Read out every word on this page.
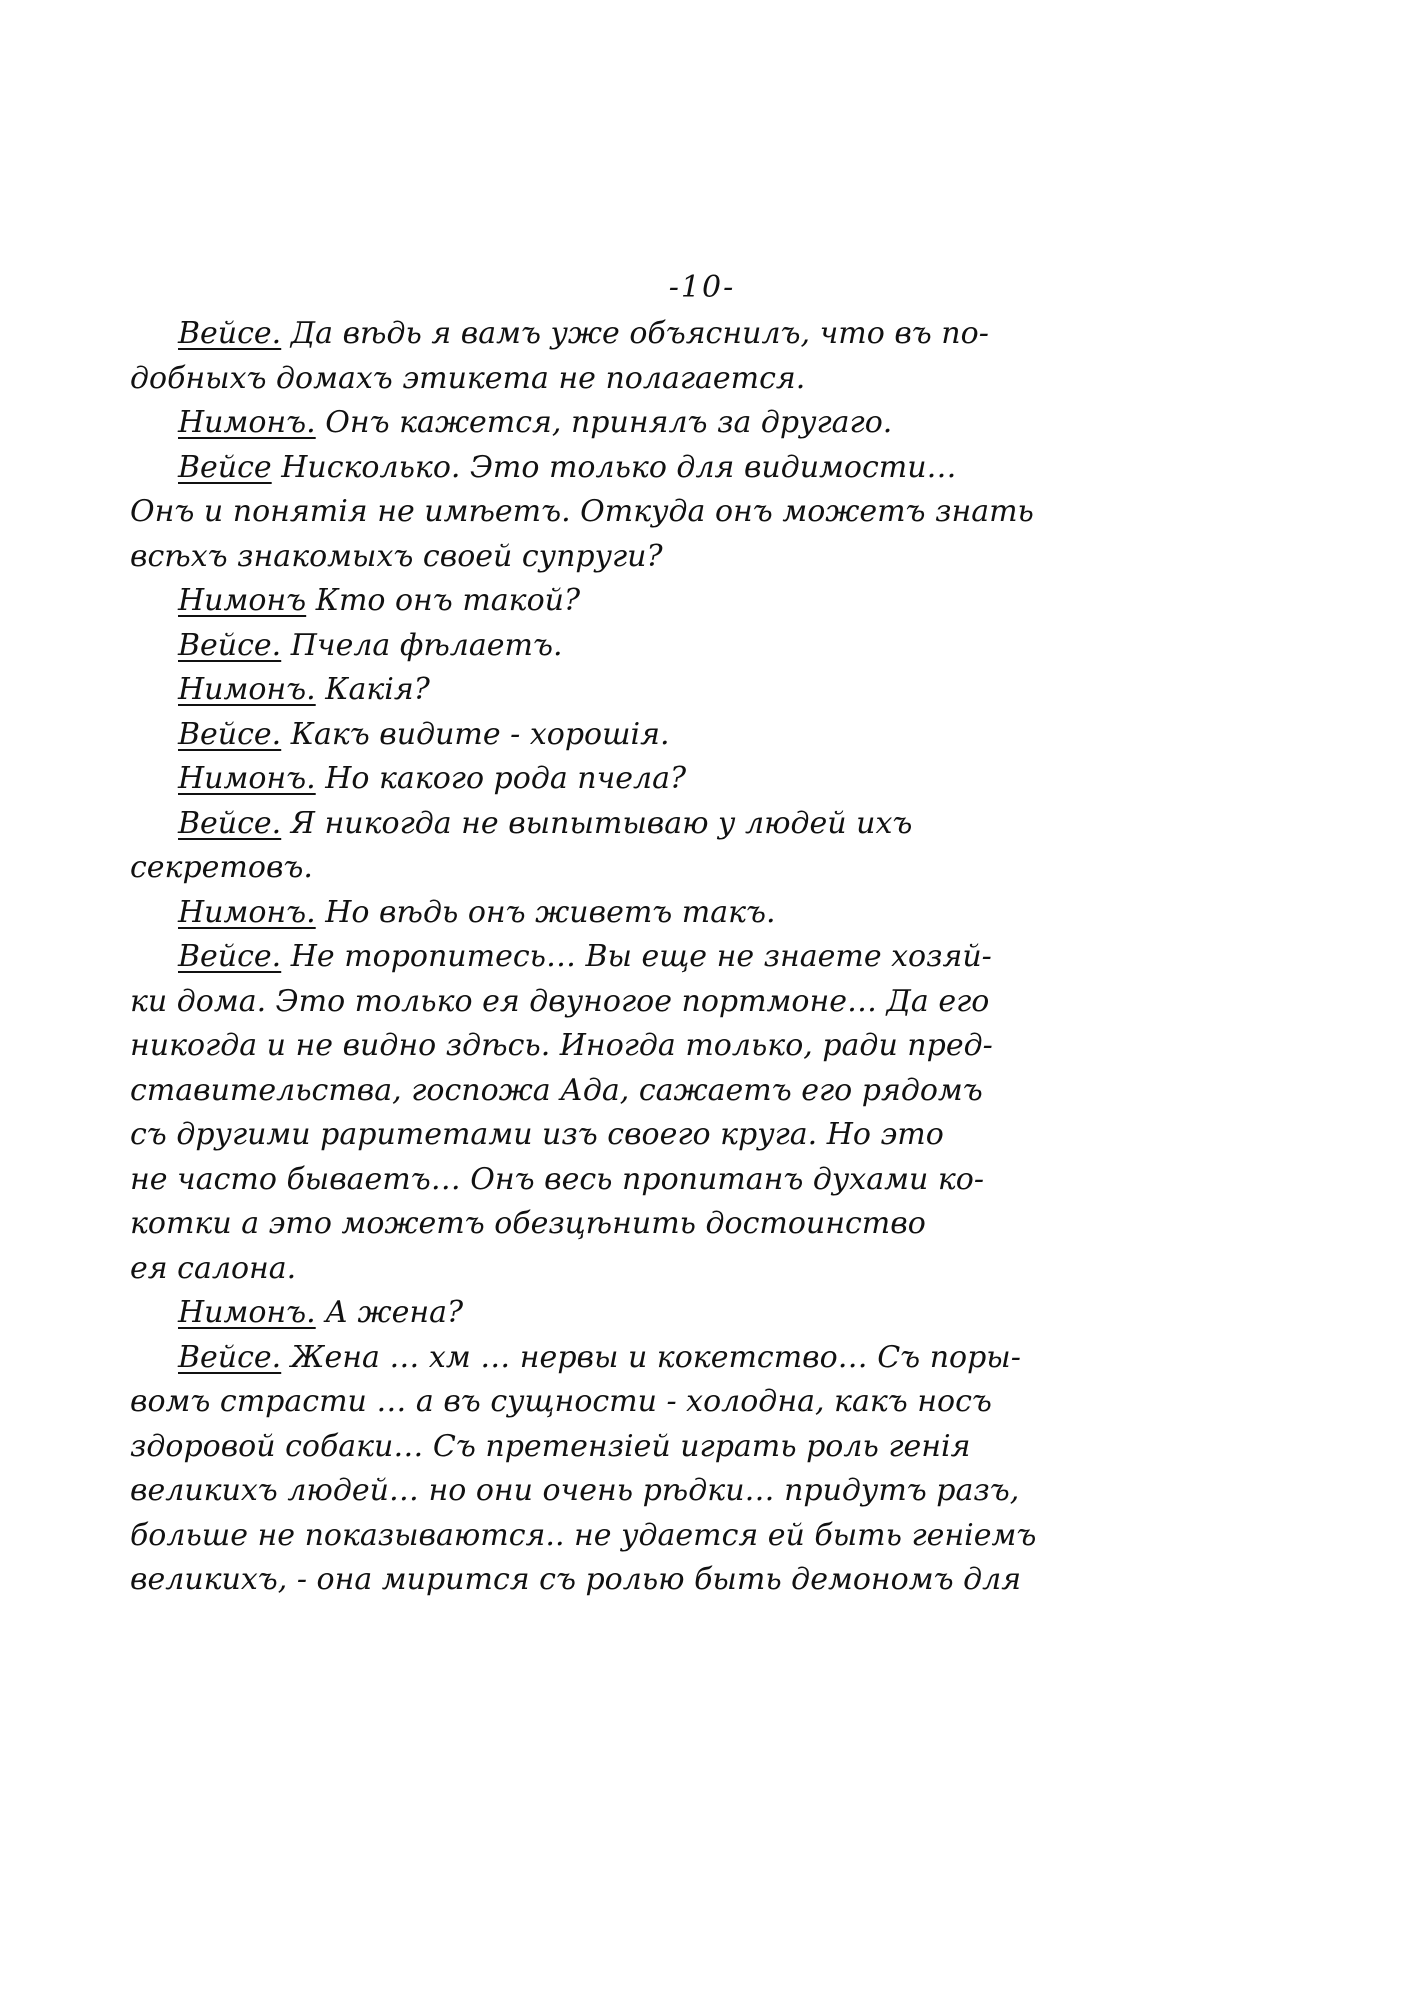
-10-
Вейсе. Да вѣдь я вамъ уже объяснилъ, что въ по-
добныхъ домахъ этикета не полагается.
Нимонъ. Онъ кажется, принялъ за другаго.
Вейсе Нисколько. Это только для видимости…
Онъ и понятія не имѣетъ. Откуда онъ можетъ знать
всѣхъ знакомыхъ своей супруги?
Нимонъ Кто онъ такой?
Вейсе. Пчела фѣлаетъ.
Нимонъ. Какія?
Вейсе. Какъ видите - хорошія.
Нимонъ. Но какого рода пчела?
Вейсе. Я никогда не выпытываю у людей ихъ
секретовъ.
Нимонъ. Но вѣдь онъ живетъ такъ.
Вейсе. Не торопитесь… Вы еще не знаете хозяй-
ки дома. Это только ея двуногое портмоне… Да его
никогда и не видно здѣсь. Иногда только, ради пред-
ставительства, госпожа Ада, сажаетъ его рядомъ
съ другими раритетами изъ своего круга. Но это
не часто бываетъ… Онъ весь пропитанъ духами ко-
котки а это можетъ обезцѣнить достоинство
ея салона.
Нимонъ. А жена?
Вейсе. Жена … хм … нервы и кокетство… Съ поры-
вомъ страсти … а въ сущности - холодна, какъ носъ
здоровой собаки… Съ претензіей играть роль генія
великихъ людей… но они очень рѣдки… придутъ разъ,
больше не показываются.. не удается ей быть геніемъ
великихъ, - она мирится съ ролью быть демономъ для
